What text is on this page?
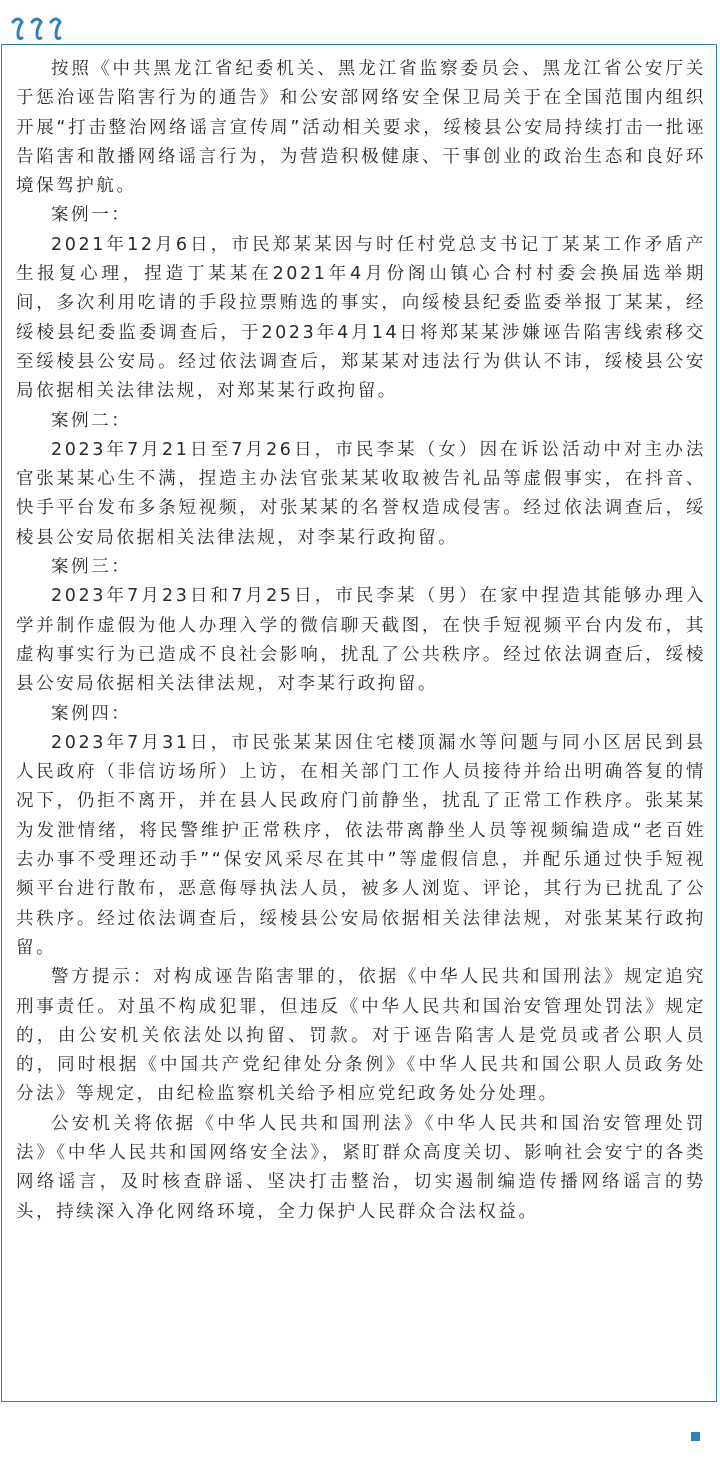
按照《中共黑龙江省纪委机关、黑龙江省监察委员会、黑龙江省公安厅关于惩治诬告陷害行为的通告》和公安部网络安全保卫局关于在全国范围内组织开展“打击整治网络谣言宣传周”活动相关要求，绥棱县公安局持续打击一批诬告陷害和散播网络谣言行为，为营造积极健康、干事创业的政治生态和良好环境保驾护航。

案例一：

2021年12月6日，市民郑某某因与时任村党总支书记丁某某工作矛盾产生报复心理，捏造丁某某在2021年4月份阁山镇心合村村委会换届选举期间，多次利用吃请的手段拉票贿选的事实，向绥棱县纪委监委举报丁某某，经绥棱县纪委监委调查后，于2023年4月14日将郑某某涉嫌诬告陷害线索移交至绥棱县公安局。经过依法调查后，郑某某对违法行为供认不讳，绥棱县公安局依据相关法律法规，对郑某某行政拘留。

案例二：

2023年7月21日至7月26日，市民李某（女）因在诉讼活动中对主办法官张某某心生不满，捏造主办法官张某某收取被告礼品等虚假事实，在抖音、快手平台发布多条短视频，对张某某的名誉权造成侵害。经过依法调查后，绥棱县公安局依据相关法律法规，对李某行政拘留。

案例三：

2023年7月23日和7月25日，市民李某（男）在家中捏造其能够办理入学并制作虚假为他人办理入学的微信聊天截图，在快手短视频平台内发布，其虚构事实行为已造成不良社会影响，扰乱了公共秩序。经过依法调查后，绥棱县公安局依据相关法律法规，对李某行政拘留。

案例四：

2023年7月31日，市民张某某因住宅楼顶漏水等问题与同小区居民到县人民政府（非信访场所）上访，在相关部门工作人员接待并给出明确答复的情况下，仍拒不离开，并在县人民政府门前静坐，扰乱了正常工作秩序。张某某为发泄情绪，将民警维护正常秩序，依法带离静坐人员等视频编造成“老百姓去办事不受理还动手”“保安风采尽在其中”等虚假信息，并配乐通过快手短视频平台进行散布，恶意侮辱执法人员，被多人浏览、评论，其行为已扰乱了公共秩序。经过依法调查后，绥棱县公安局依据相关法律法规，对张某某行政拘留。

警方提示：对构成诬告陷害罪的，依据《中华人民共和国刑法》规定追究刑事责任。对虽不构成犯罪，但违反《中华人民共和国治安管理处罚法》规定的，由公安机关依法处以拘留、罚款。对于诬告陷害人是党员或者公职人员的，同时根据《中国共产党纪律处分条例》《中华人民共和国公职人员政务处分法》等规定，由纪检监察机关给予相应党纪政务处分处理。

公安机关将依据《中华人民共和国刑法》《中华人民共和国治安管理处罚法》《中华人民共和国网络安全法》，紧盯群众高度关切、影响社会安宁的各类网络谣言，及时核查辟谣、坚决打击整治，切实遏制编造传播网络谣言的势头，持续深入净化网络环境，全力保护人民群众合法权益。
